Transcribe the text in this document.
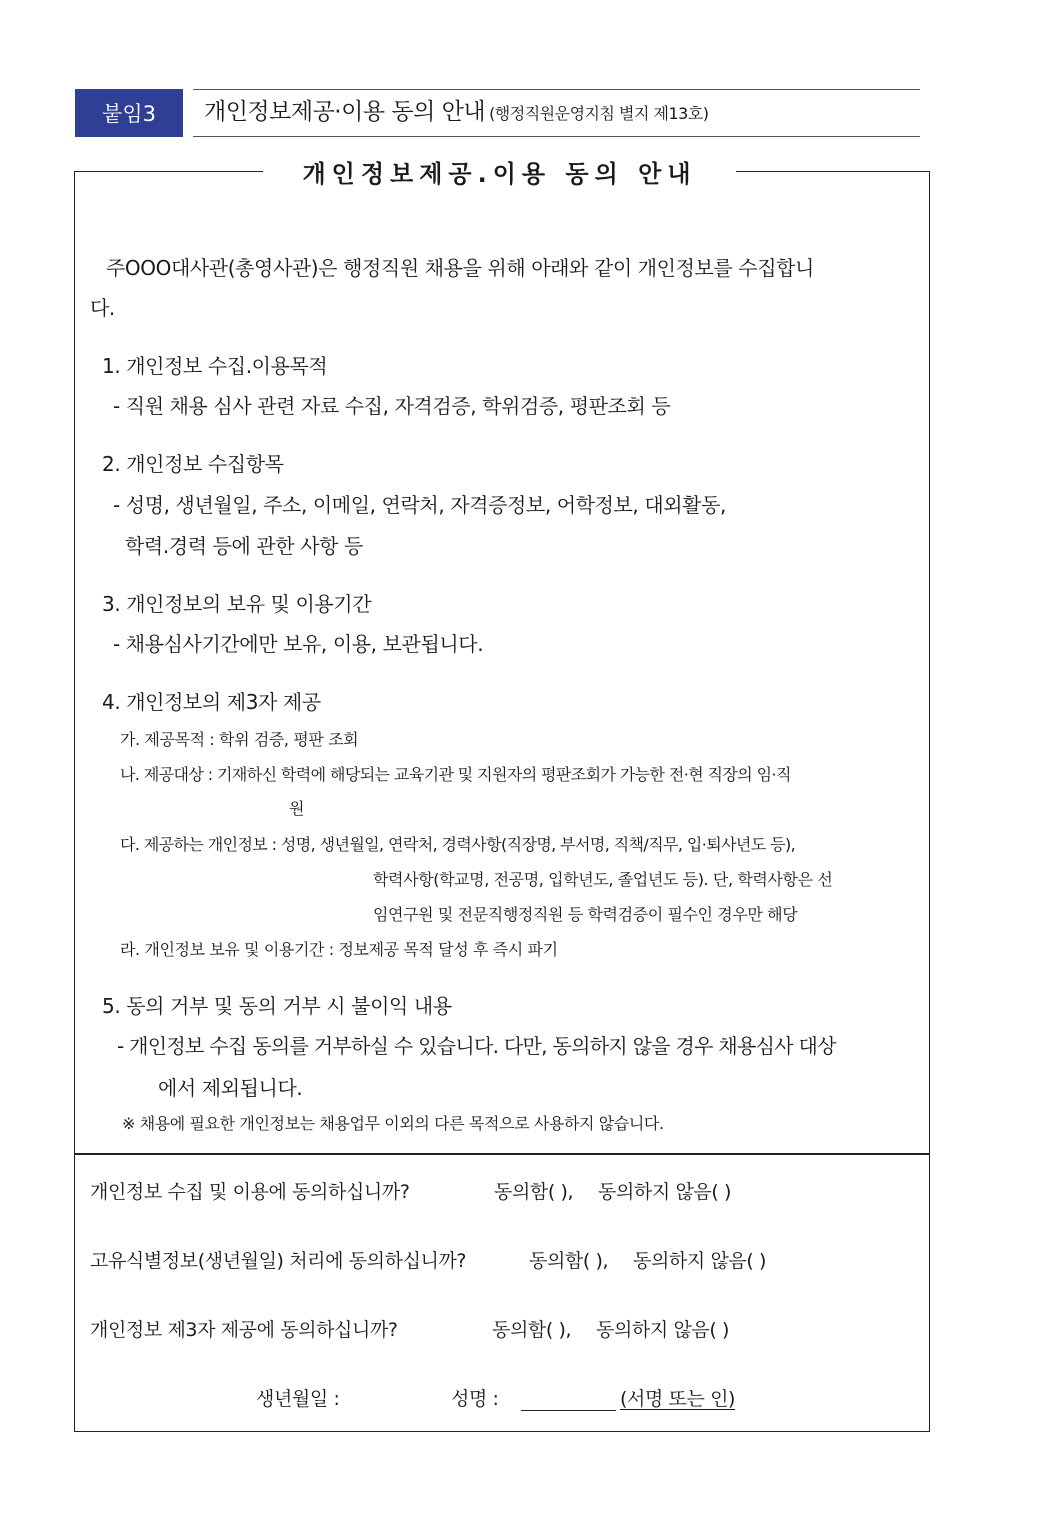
붙임3	개인정보제공·이용 동의 안내 (행정직원운영지침 별지 제13호)
개인정보제공.이용 동의 안내
주OOO대사관(총영사관)은 행정직원 채용을 위해 아래와 같이 개인정보를 수집합니
다.
1. 개인정보 수집.이용목적
- 직원 채용 심사 관련 자료 수집, 자격검증, 학위검증, 평판조회 등
2. 개인정보 수집항목
- 성명, 생년월일, 주소, 이메일, 연락처, 자격증정보, 어학정보, 대외활동,
학력.경력 등에 관한 사항 등
3. 개인정보의 보유 및 이용기간
- 채용심사기간에만 보유, 이용, 보관됩니다.
4. 개인정보의 제3자 제공
가. 제공목적 : 학위 검증, 평판 조회
나. 제공대상 : 기재하신 학력에 해당되는 교육기관 및 지원자의 평판조회가 가능한 전·현 직장의 임·직
원
다. 제공하는 개인정보 : 성명, 생년월일, 연락처, 경력사항(직장명, 부서명, 직책/직무, 입·퇴사년도 등),
학력사항(학교명, 전공명, 입학년도, 졸업년도 등). 단, 학력사항은 선
임연구원 및 전문직행정직원 등 학력검증이 필수인 경우만 해당
라. 개인정보 보유 및 이용기간 : 정보제공 목적 달성 후 즉시 파기
5. 동의 거부 및 동의 거부 시 불이익 내용
- 개인정보 수집 동의를 거부하실 수 있습니다. 다만, 동의하지 않을 경우 채용심사 대상
에서 제외됩니다.
※ 채용에 필요한 개인정보는 채용업무 이외의 다른 목적으로 사용하지 않습니다.
개인정보 수집 및 이용에 동의하십니까?	동의함( ), 동의하지 않음( )
고유식별정보(생년월일) 처리에 동의하십니까?	동의함( ), 동의하지 않음( )
개인정보 제3자 제공에 동의하십니까?	동의함( ), 동의하지 않음( )
생년월일 :	성명 :	(서명 또는 인)
